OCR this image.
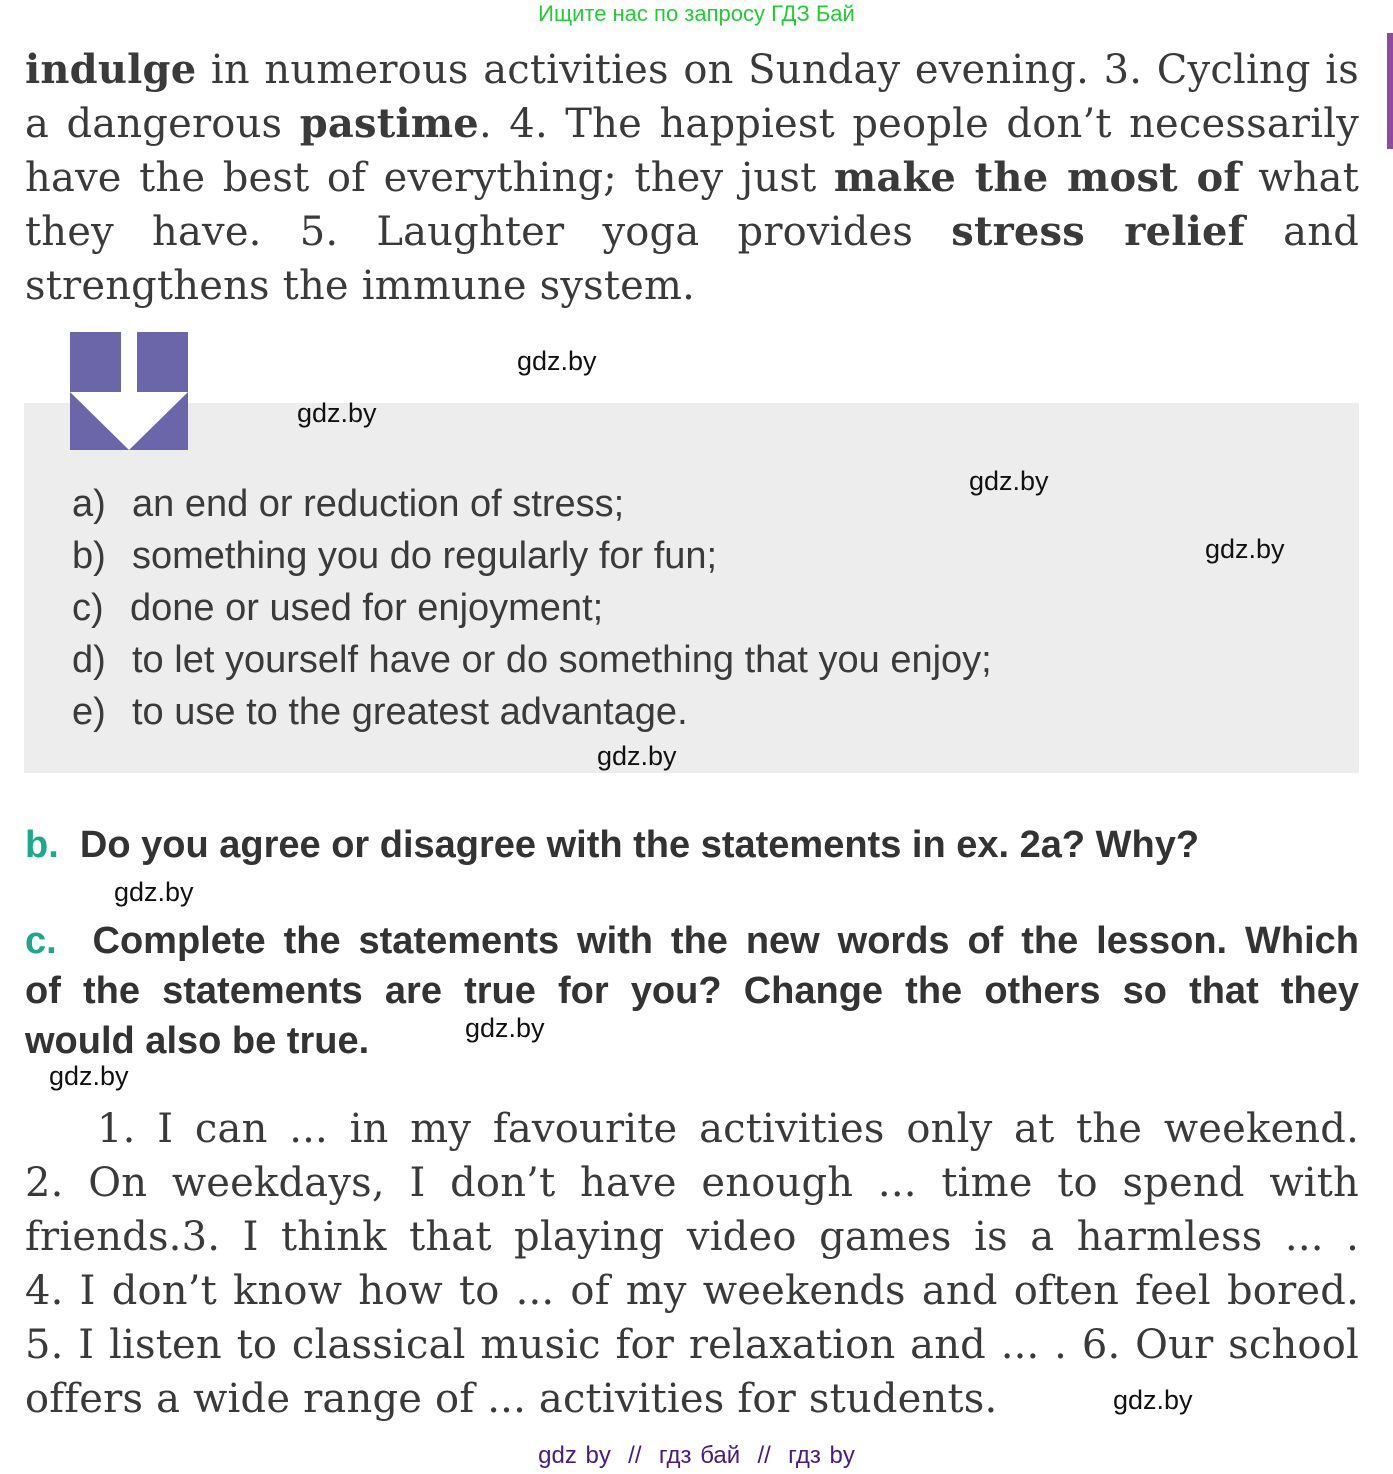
Ищите нас по запросу ГДЗ Бай
indulge in numerous activities on Sunday evening. 3. Cycling is
a dangerous pastime. 4. The happiest people don’t necessarily
have the best of everything; they just make the most of what
they have. 5. Laughter yoga provides stress relief and
strengthens the immune system.
a) an end or reduction of stress;
b) something you do regularly for fun;
c) done or used for enjoyment;
d) to let yourself have or do something that you enjoy;
e) to use to the greatest advantage.
b. Do you agree or disagree with the statements in ex. 2a? Why?
c. Complete the statements with the new words of the lesson. Which
of the statements are true for you? Change the others so that they
would also be true.
1. I can ... in my favourite activities only at the weekend.
2. On weekdays, I don’t have enough ... time to spend with
friends.3. I think that playing video games is a harmless ... .
4. I don’t know how to ... of my weekends and often feel bored.
5. I listen to classical music for relaxation and ... . 6. Our school
offers a wide range of ... activities for students.
gdz.by
gdz.by
gdz.by
gdz.by
gdz.by
gdz.by
gdz.by
gdz.by
gdz.by
gdz by  //  гдз бай  //  гдз by
